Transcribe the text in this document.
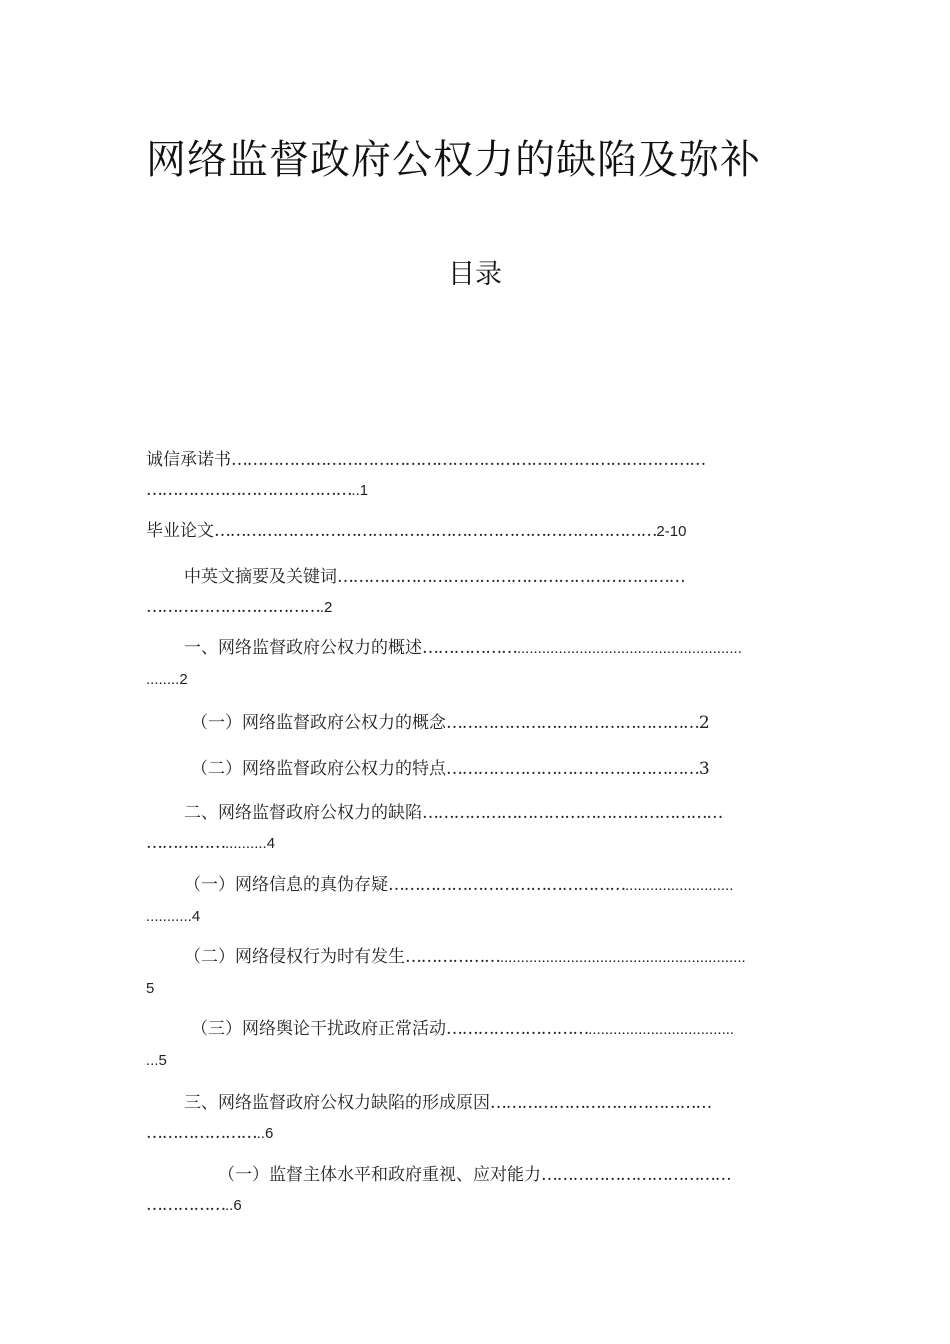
网络监督政府公权力的缺陷及弥补
目录
诚信承诺书………………………………………………………………………………
…………………………………..1
毕业论文…………………………………………………………………………2-10
中英文摘要及关键词…………………………………………………………
…………………………….2
一、网络监督政府公权力的概述………………......................................................
........2
（一）网络监督政府公权力的概念…………………………………………2
（二）网络监督政府公权力的特点…………………………………………3
二、网络监督政府公权力的缺陷…………………………………………………
……………..........4
（一）网络信息的真伪存疑………………………………………..........................
...........4
（二）网络侵权行为时有发生………………...........................................................
5
（三）网络舆论干扰政府正常活动………………………...................................
...5
三、网络监督政府公权力缺陷的形成原因……………………………………
…………………..6
（一）监督主体水平和政府重视、应对能力………………………………
……………..6
